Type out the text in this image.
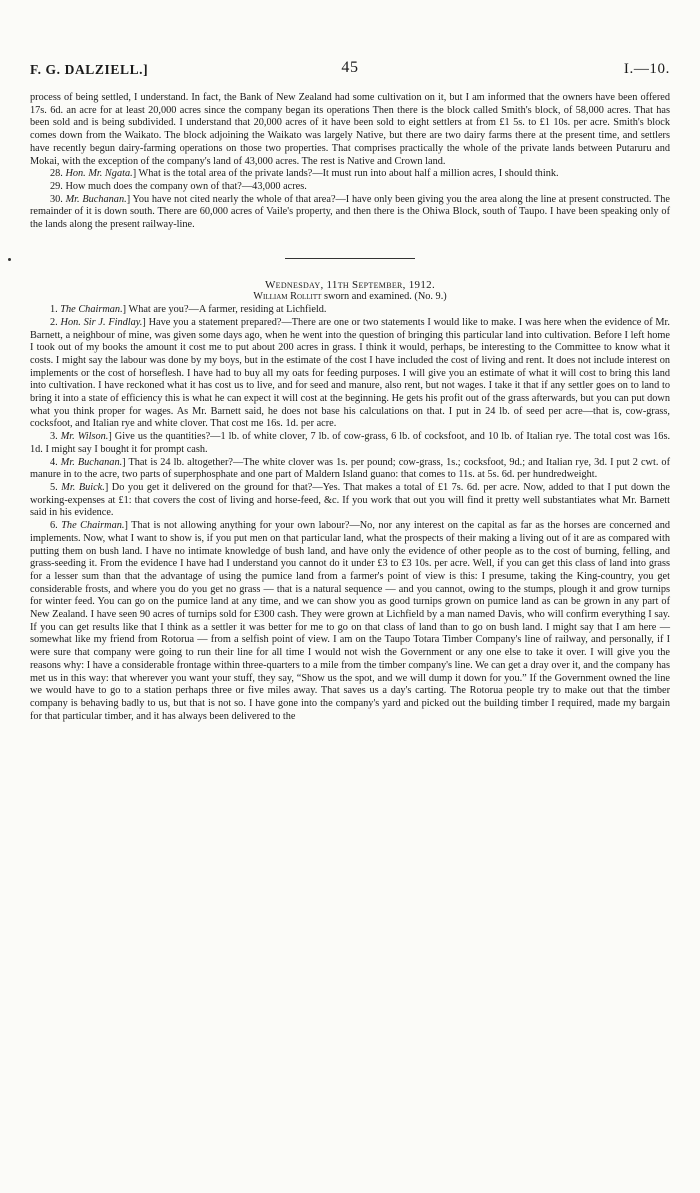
F. G. DALZIELL.]	45	I.—10.

process of being settled, I understand. In fact, the Bank of New Zealand had some cultivation on it, but I am informed that the owners have been offered 17s. 6d. an acre for at least 20,000 acres since the company began its operations Then there is the block called Smith's block, of 58,000 acres. That has been sold and is being subdivided. I understand that 20,000 acres of it have been sold to eight settlers at from £1 5s. to £1 10s. per acre. Smith's block comes down from the Waikato. The block adjoining the Waikato was largely Native, but there are two dairy farms there at the present time, and settlers have recently begun dairy-farming operations on those two properties. That comprises practically the whole of the private lands between Putaruru and Mokai, with the exception of the company's land of 43,000 acres. The rest is Native and Crown land.

28. Hon. Mr. Ngata.] What is the total area of the private lands?—It must run into about half a million acres, I should think.

29. How much does the company own of that?—43,000 acres.

30. Mr. Buchanan.] You have not cited nearly the whole of that area?—I have only been giving you the area along the line at present constructed. The remainder of it is down south. There are 60,000 acres of Vaile's property, and then there is the Ohiwa Block, south of Taupo. I have been speaking only of the lands along the present railway-line.

Wednesday, 11th September, 1912.

William Rollitt sworn and examined. (No. 9.)

1. The Chairman.] What are you?—A farmer, residing at Lichfield.

2. Hon. Sir J. Findlay.] Have you a statement prepared?—There are one or two statements I would like to make. I was here when the evidence of Mr. Barnett, a neighbour of mine, was given some days ago, when he went into the question of bringing this particular land into cultivation. Before I left home I took out of my books the amount it cost me to put about 200 acres in grass. I think it would, perhaps, be interesting to the Committee to know what it costs. I might say the labour was done by my boys, but in the estimate of the cost I have included the cost of living and rent. It does not include interest on implements or the cost of horseflesh. I have had to buy all my oats for feeding purposes. I will give you an estimate of what it will cost to bring this land into cultivation. I have reckoned what it has cost us to live, and for seed and manure, also rent, but not wages. I take it that if any settler goes on to land to bring it into a state of efficiency this is what he can expect it will cost at the beginning. He gets his profit out of the grass afterwards, but you can put down what you think proper for wages. As Mr. Barnett said, he does not base his calculations on that. I put in 24 lb. of seed per acre—that is, cow-grass, cocksfoot, and Italian rye and white clover. That cost me 16s. 1d. per acre.

3. Mr. Wilson.] Give us the quantities?—1 lb. of white clover, 7 lb. of cow-grass, 6 lb. of cocksfoot, and 10 lb. of Italian rye. The total cost was 16s. 1d. I might say I bought it for prompt cash.

4. Mr. Buchanan.] That is 24 lb. altogether?—The white clover was 1s. per pound; cow-grass, 1s.; cocksfoot, 9d.; and Italian rye, 3d. I put 2 cwt. of manure in to the acre, two parts of superphosphate and one part of Maldern Island guano: that comes to 11s. at 5s. 6d. per hundredweight.

5. Mr. Buick.] Do you get it delivered on the ground for that?—Yes. That makes a total of £1 7s. 6d. per acre. Now, added to that I put down the working-expenses at £1: that covers the cost of living and horse-feed, &c. If you work that out you will find it pretty well substantiates what Mr. Barnett said in his evidence.

6. The Chairman.] That is not allowing anything for your own labour?—No, nor any interest on the capital as far as the horses are concerned and implements. Now, what I want to show is, if you put men on that particular land, what the prospects of their making a living out of it are as compared with putting them on bush land. I have no intimate knowledge of bush land, and have only the evidence of other people as to the cost of burning, felling, and grass-seeding it. From the evidence I have had I understand you cannot do it under £3 to £3 10s. per acre. Well, if you can get this class of land into grass for a lesser sum than that the advantage of using the pumice land from a farmer's point of view is this: I presume, taking the King-country, you get considerable frosts, and where you do you get no grass — that is a natural sequence — and you cannot, owing to the stumps, plough it and grow turnips for winter feed. You can go on the pumice land at any time, and we can show you as good turnips grown on pumice land as can be grown in any part of New Zealand. I have seen 90 acres of turnips sold for £300 cash. They were grown at Lichfield by a man named Davis, who will confirm everything I say. If you can get results like that I think as a settler it was better for me to go on that class of land than to go on bush land. I might say that I am here — somewhat like my friend from Rotorua — from a selfish point of view. I am on the Taupo Totara Timber Company's line of railway, and personally, if I were sure that company were going to run their line for all time I would not wish the Government or any one else to take it over. I will give you the reasons why: I have a considerable frontage within three-quarters to a mile from the timber company's line. We can get a dray over it, and the company has met us in this way: that wherever you want your stuff, they say, “Show us the spot, and we will dump it down for you.” If the Government owned the line we would have to go to a station perhaps three or five miles away. That saves us a day's carting. The Rotorua people try to make out that the timber company is behaving badly to us, but that is not so. I have gone into the company's yard and picked out the building timber I required, made my bargain for that particular timber, and it has always been delivered to the
